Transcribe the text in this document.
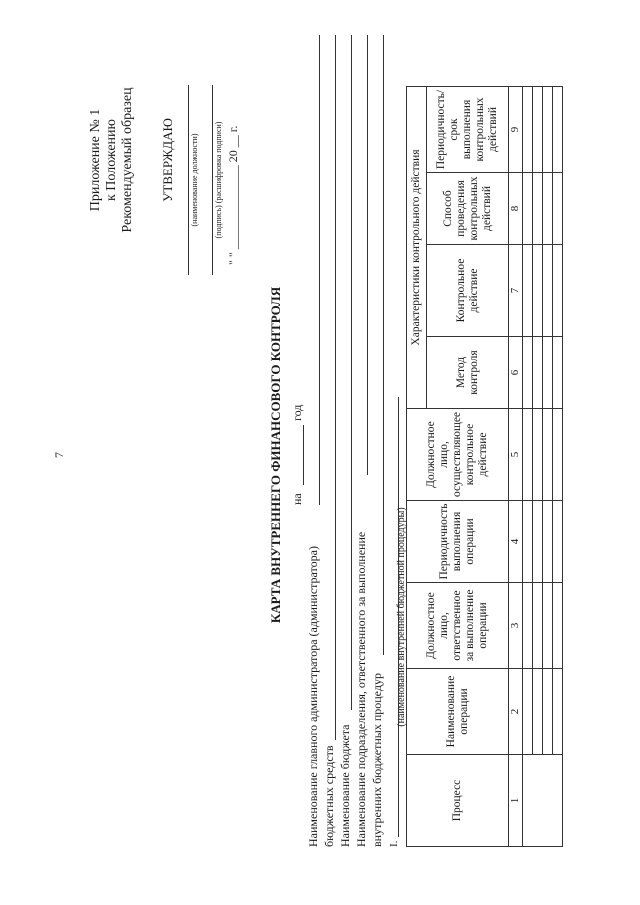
7
Приложение № 1 к Положению Рекомендуемый образец УТВЕРЖДАЮ (наименование должности) (подпись) (расшифровка подписи) " " ______________ 20 __ г.
КАРТА ВНУТРЕННЕГО ФИНАНСОВОГО КОНТРОЛЯ на
год
Наименование главного администратора (администратора) бюджетных средств Наименование бюджета Наименование подразделения, ответственного за выполнение внутренних бюджетных процедур I.
(наименование внутренней бюджетной процедуры)
Процесс	Наименование операции	Должностное лицо, ответственное за выполнение операции	Периодичность выполнения операции	Должностное лицо, осуществляющее контрольное действие	Характеристики контрольного действия			
					Метод контроля	Контрольное действие	Способ проведения контрольных действий	Периодичность/ срок выполнения контрольных действий
1	2	3	4	5	6	7	8	9
